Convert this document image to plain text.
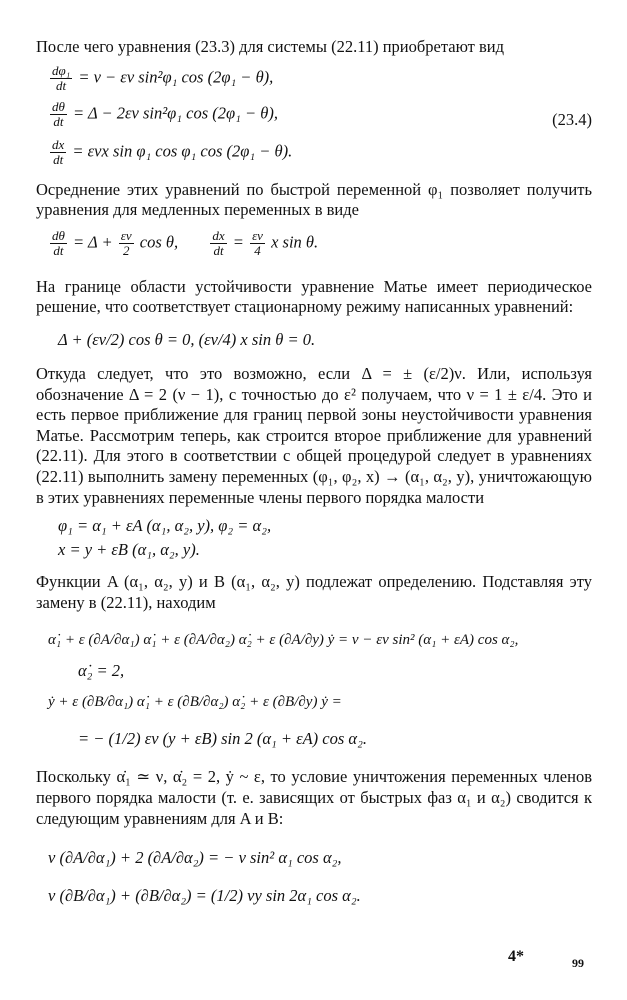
После чего уравнения (23.3) для системы (22.11) приобретают вид

$\frac{\text{dφ₁}}{dt} = \nu - \varepsilon\nu$ sin²φ₁ cos (2φ₁ − θ),
$\frac{d\theta}{dt} = \Delta - 2\varepsilon\nu$ sin²φ₁ cos (2φ₁ − θ),	(23.4)
$\frac{dx}{dt} = \varepsilon\nu x$ sin φ₁ cos φ₁ cos (2φ₁ − θ).

Осреднение этих уравнений по быстрой переменной φ₁ позволяет получить уравнения для медленных переменных в виде

$\frac{d\theta}{dt} = \Delta + \frac{\varepsilon\nu}{2}$ cos θ, $\frac{dx}{dt} = \frac{\varepsilon\nu}{4}$ x sin θ.

На границе области устойчивости уравнение Матье имеет периодическое решение, что соответствует стационарному режиму написанных уравнений:

Δ + (εν/2) cos θ = 0, (εν/4) x sin θ = 0.

Откуда следует, что это возможно, если Δ = ± (ε/2)ν. Или, используя обозначение Δ = 2 (ν − 1), с точностью до ε² получаем, что ν = 1 ± ε/4. Это и есть первое приближение для границ первой зоны неустойчивости уравнения Матье. Рассмотрим теперь, как строится второе приближение для уравнений (22.11). Для этого в соответствии с общей процедурой следует в уравнениях (22.11) выполнить замену переменных (φ₁, φ₂, x) → (α₁, α₂, y), уничтожающую в этих уравнениях переменные члены первого порядка малости

φ₁ = α₁ + εA (α₁, α₂, y), φ₂ = α₂,
x = y + εB (α₁, α₂, y).

Функции A (α₁, α₂, y) и B (α₁, α₂, y) подлежат определению. Подставляя эту замену в (22.11), находим

α̇₁ + ε (∂A/∂α₁) α̇₁ + ε (∂A/∂α₂) α̇₂ + ε (∂A/∂y) ẏ = ν − εν sin² (α₁ + εA) cos α₂,
α̇₂ = 2,
ẏ + ε (∂B/∂α₁) α̇₁ + ε (∂B/∂α₂) α̇₂ + ε (∂B/∂y) ẏ =
= − (1/2) εν (y + εB) sin 2 (α₁ + εA) cos α₂.

Поскольку α̇₁ ≃ ν, α̇₂ = 2, ẏ ~ ε, то условие уничтожения переменных членов первого порядка малости (т. е. зависящих от быстрых фаз α₁ и α₂) сводится к следующим уравнениям для A и B:

ν (∂A/∂α₁) + 2 (∂A/∂α₂) = − ν sin² α₁ cos α₂,
ν (∂B/∂α₁) + (∂B/∂α₂) = (1/2) νy sin 2α₁ cos α₂.
4*	99
